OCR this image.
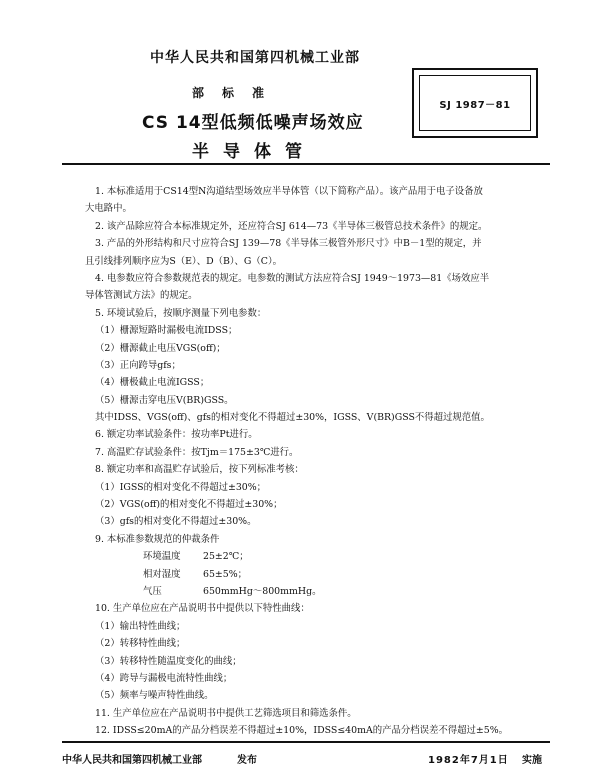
中华人民共和国第四机械工业部
部标准
CS 14型低频低噪声场效应
半导体管
SJ 1987－81
1. 本标准适用于CS14型N沟道结型场效应半导体管（以下简称产品）。该产品用于电子设备放
大电路中。
2. 该产品除应符合本标准规定外，还应符合SJ 614—73《半导体三极管总技术条件》的规定。
3. 产品的外形结构和尺寸应符合SJ 139—78《半导体三极管外形尺寸》中B－1型的规定，并
且引线排列顺序应为S（E）、D（B）、G（C）。
4. 电参数应符合参数规范表的规定。电参数的测试方法应符合SJ 1949～1973—81《场效应半
导体管测试方法》的规定。
5. 环境试验后，按顺序测量下列电参数：
（1）栅源短路时漏极电流IDSS；
（2）栅源截止电压VGS(off)；
（3）正向跨导gfs；
（4）栅极截止电流IGSS；
（5）栅源击穿电压V(BR)GSS。
其中IDSS、VGS(off)、gfs的相对变化不得超过±30%，IGSS、V(BR)GSS不得超过规范值。
6. 额定功率试验条件：按功率Pt进行。
7. 高温贮存试验条件：按Tjm＝175±3℃进行。
8. 额定功率和高温贮存试验后，按下列标准考核：
（1）IGSS的相对变化不得超过±30%；
（2）VGS(off)的相对变化不得超过±30%；
（3）gfs的相对变化不得超过±30%。
9. 本标准参数规范的仲裁条件
环境温度 25±2℃；
相对湿度 65±5%；
气压	650mmHg～800mmHg。
10. 生产单位应在产品说明书中提供以下特性曲线：
（1）输出特性曲线；
（2）转移特性曲线；
（3）转移特性随温度变化的曲线；
（4）跨导与漏极电流特性曲线；
（5）频率与噪声特性曲线。
11. 生产单位应在产品说明书中提供工艺筛选项目和筛选条件。
12. IDSS≤20mA的产品分档误差不得超过±10%，IDSS≤40mA的产品分档误差不得超过±5%。
中华人民共和国第四机械工业部	发布	1982年7月1日 实施
